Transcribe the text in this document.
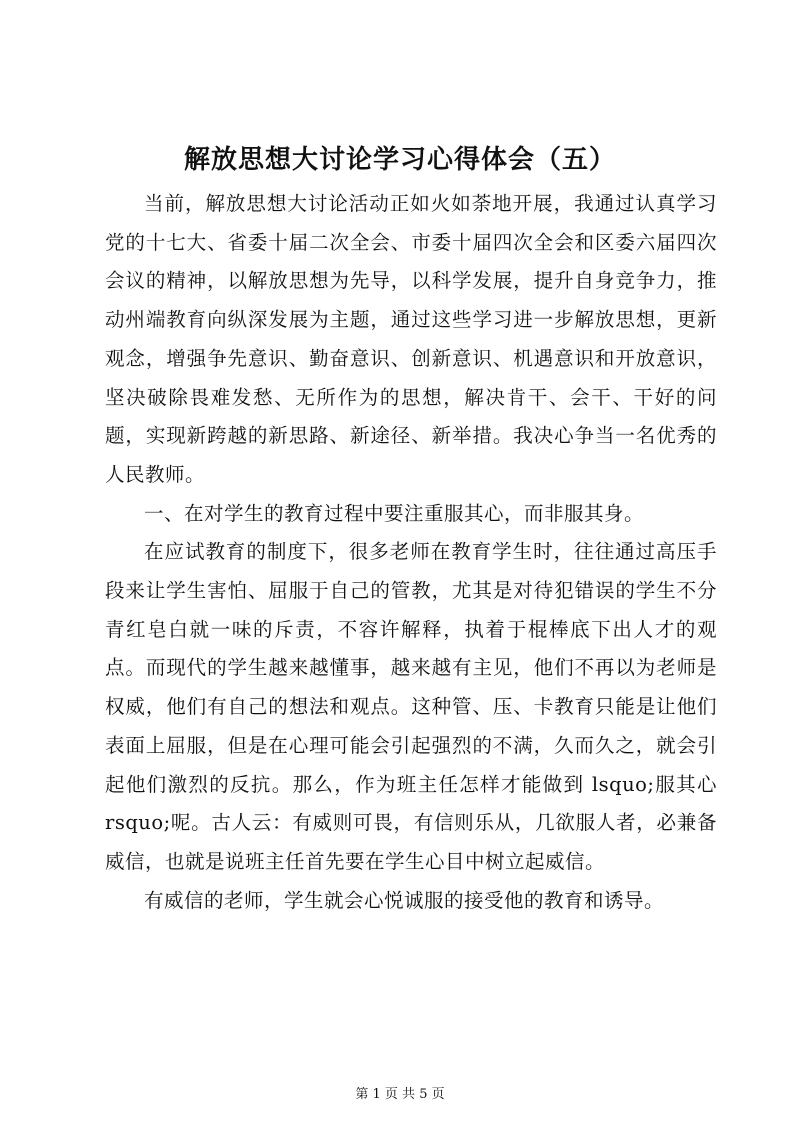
解放思想大讨论学习心得体会（五）

当前，解放思想大讨论活动正如火如荼地开展，我通过认真学习党的十七大、省委十届二次全会、市委十届四次全会和区委六届四次会议的精神，以解放思想为先导，以科学发展，提升自身竞争力，推动州端教育向纵深发展为主题，通过这些学习进一步解放思想，更新观念，增强争先意识、勤奋意识、创新意识、机遇意识和开放意识，坚决破除畏难发愁、无所作为的思想，解决肯干、会干、干好的问题，实现新跨越的新思路、新途径、新举措。我决心争当一名优秀的人民教师。

一、在对学生的教育过程中要注重服其心，而非服其身。

在应试教育的制度下，很多老师在教育学生时，往往通过高压手段来让学生害怕、屈服于自己的管教，尤其是对待犯错误的学生不分青红皂白就一味的斥责，不容许解释，执着于棍棒底下出人才的观点。而现代的学生越来越懂事，越来越有主见，他们不再以为老师是权威，他们有自己的想法和观点。这种管、压、卡教育只能是让他们表面上屈服，但是在心理可能会引起强烈的不满，久而久之，就会引起他们激烈的反抗。那么，作为班主任怎样才能做到 lsquo;服其心 rsquo;呢。古人云：有威则可畏，有信则乐从，几欲服人者，必兼备威信，也就是说班主任首先要在学生心目中树立起威信。

有威信的老师，学生就会心悦诚服的接受他的教育和诱导。

第 1 页 共 5 页
